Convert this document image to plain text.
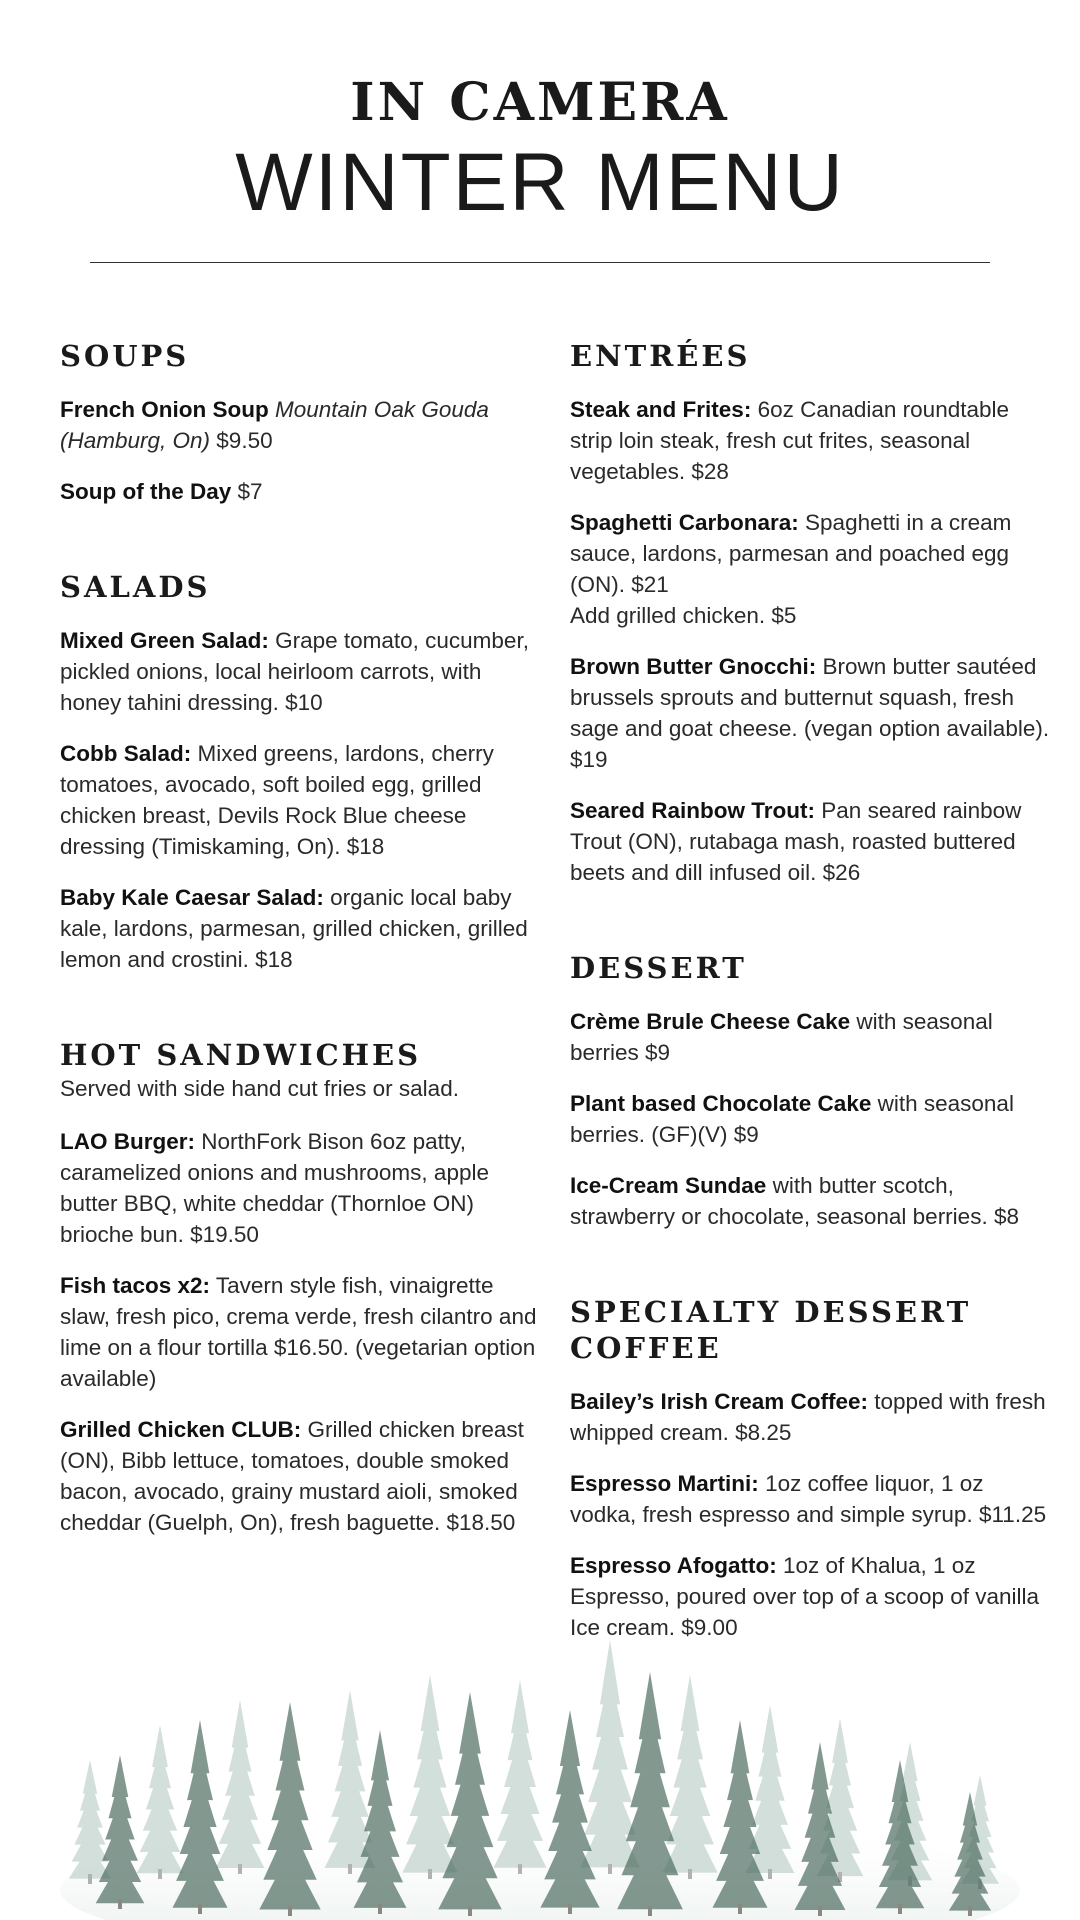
IN CAMERA
WINTER MENU
SOUPS
French Onion Soup Mountain Oak Gouda (Hamburg, On) $9.50
Soup of the Day $7
SALADS
Mixed Green Salad: Grape tomato, cucumber, pickled onions, local heirloom carrots, with honey tahini dressing. $10
Cobb Salad: Mixed greens, lardons, cherry tomatoes, avocado, soft boiled egg, grilled chicken breast, Devils Rock Blue cheese dressing (Timiskaming, On). $18
Baby Kale Caesar Salad: organic local baby kale, lardons, parmesan, grilled chicken, grilled lemon and crostini. $18
HOT SANDWICHES
Served with side hand cut fries or salad.
LAO Burger: NorthFork Bison 6oz patty, caramelized onions and mushrooms, apple butter BBQ, white cheddar (Thornloe ON) brioche bun. $19.50
Fish tacos x2: Tavern style fish, vinaigrette slaw, fresh pico, crema verde, fresh cilantro and lime on a flour tortilla $16.50. (vegetarian option available)
Grilled Chicken CLUB: Grilled chicken breast (ON), Bibb lettuce, tomatoes, double smoked bacon, avocado, grainy mustard aioli, smoked cheddar (Guelph, On), fresh baguette. $18.50
ENTRÉES
Steak and Frites: 6oz Canadian roundtable strip loin steak, fresh cut frites, seasonal vegetables. $28
Spaghetti Carbonara: Spaghetti in a cream sauce, lardons, parmesan and poached egg (ON). $21
Add grilled chicken. $5
Brown Butter Gnocchi: Brown butter sautéed brussels sprouts and butternut squash, fresh sage and goat cheese. (vegan option available). $19
Seared Rainbow Trout: Pan seared rainbow Trout (ON), rutabaga mash, roasted buttered beets and dill infused oil. $26
DESSERT
Crème Brule Cheese Cake with seasonal berries $9
Plant based Chocolate Cake with seasonal berries. (GF)(V) $9
Ice-Cream Sundae with butter scotch, strawberry or chocolate, seasonal berries. $8
SPECIALTY DESSERT COFFEE
Bailey’s Irish Cream Coffee: topped with fresh whipped cream. $8.25
Espresso Martini: 1oz coffee liquor, 1 oz vodka, fresh espresso and simple syrup. $11.25
Espresso Afogatto: 1oz of Khalua, 1 oz Espresso, poured over top of a scoop of vanilla Ice cream. $9.00
